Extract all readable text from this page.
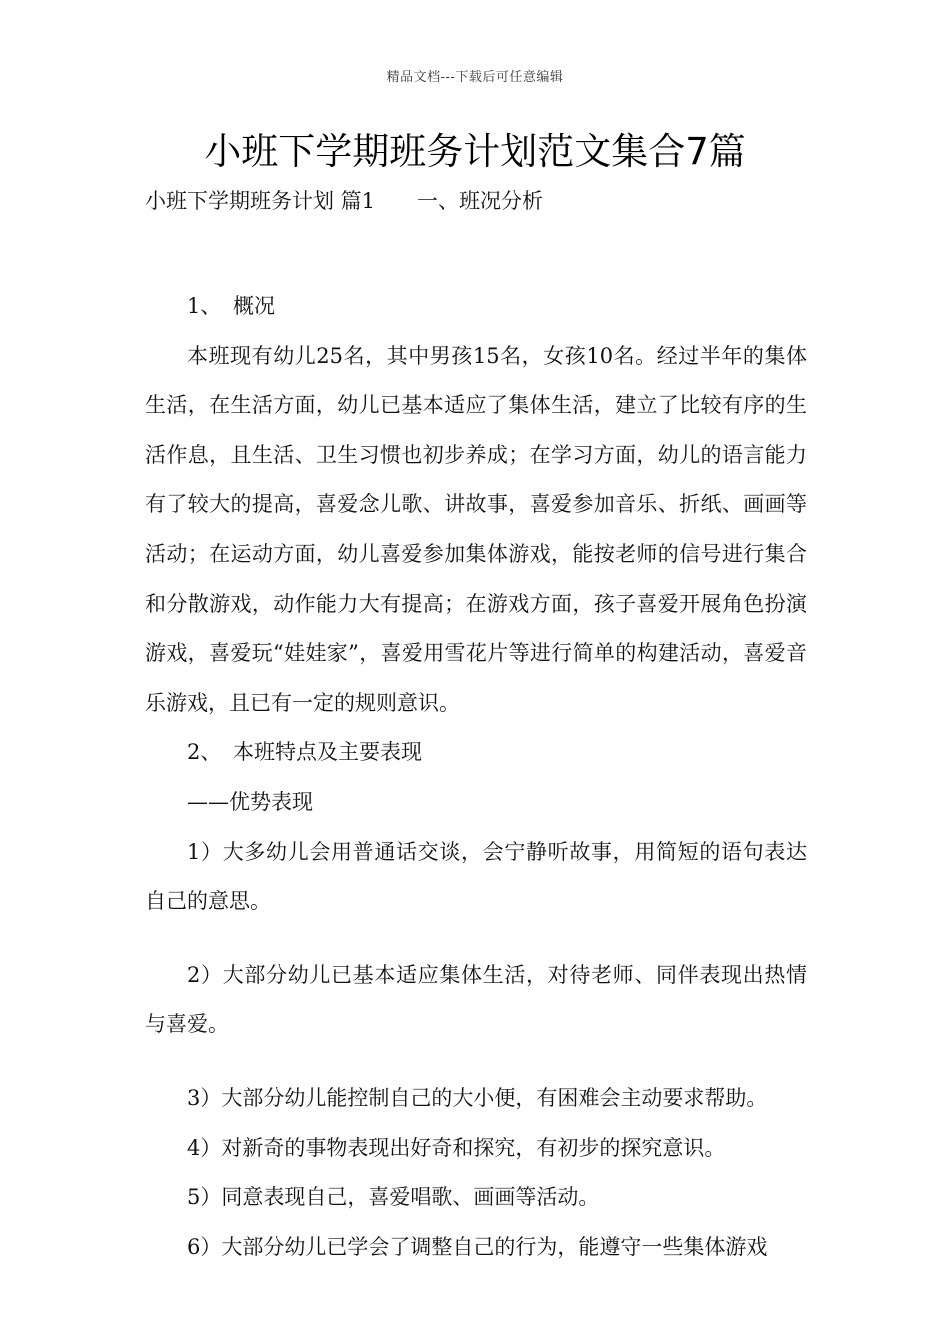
精品文档---下载后可任意编辑
小班下学期班务计划范文集合7篇
小班下学期班务计划 篇1 一、班况分析

1、 概况

本班现有幼儿25名，其中男孩15名，女孩10名。经过半年的集体生活，在生活方面，幼儿已基本适应了集体生活，建立了比较有序的生活作息，且生活、卫生习惯也初步养成；在学习方面，幼儿的语言能力有了较大的提高，喜爱念儿歌、讲故事，喜爱参加音乐、折纸、画画等活动；在运动方面，幼儿喜爱参加集体游戏，能按老师的信号进行集合和分散游戏，动作能力大有提高；在游戏方面，孩子喜爱开展角色扮演游戏，喜爱玩“娃娃家”，喜爱用雪花片等进行简单的构建活动，喜爱音乐游戏，且已有一定的规则意识。

2、 本班特点及主要表现

——优势表现

1）大多幼儿会用普通话交谈，会宁静听故事，用简短的语句表达自己的意思。

2）大部分幼儿已基本适应集体生活，对待老师、同伴表现出热情与喜爱。

3）大部分幼儿能控制自己的大小便，有困难会主动要求帮助。

4）对新奇的事物表现出好奇和探究，有初步的探究意识。

5）同意表现自己，喜爱唱歌、画画等活动。

6）大部分幼儿已学会了调整自己的行为，能遵守一些集体游戏
